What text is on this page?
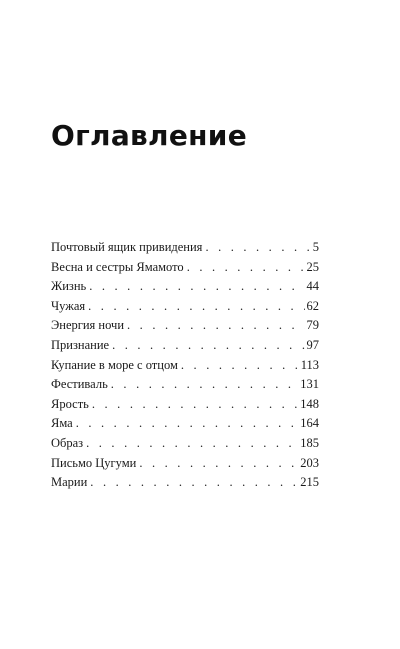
Оглавление
Почтовый ящик привидения . . .	5
Весна и сестры Ямамото . . .	25
Жизнь . . .	44
Чужая . . .	62
Энергия ночи . . .	79
Признание . . .	97
Купание в море с отцом . . .	113
Фестиваль . . .	131
Ярость . . .	148
Яма . . .	164
Образ . . .	185
Письмо Цугуми . . .	203
Марии . . .	215
